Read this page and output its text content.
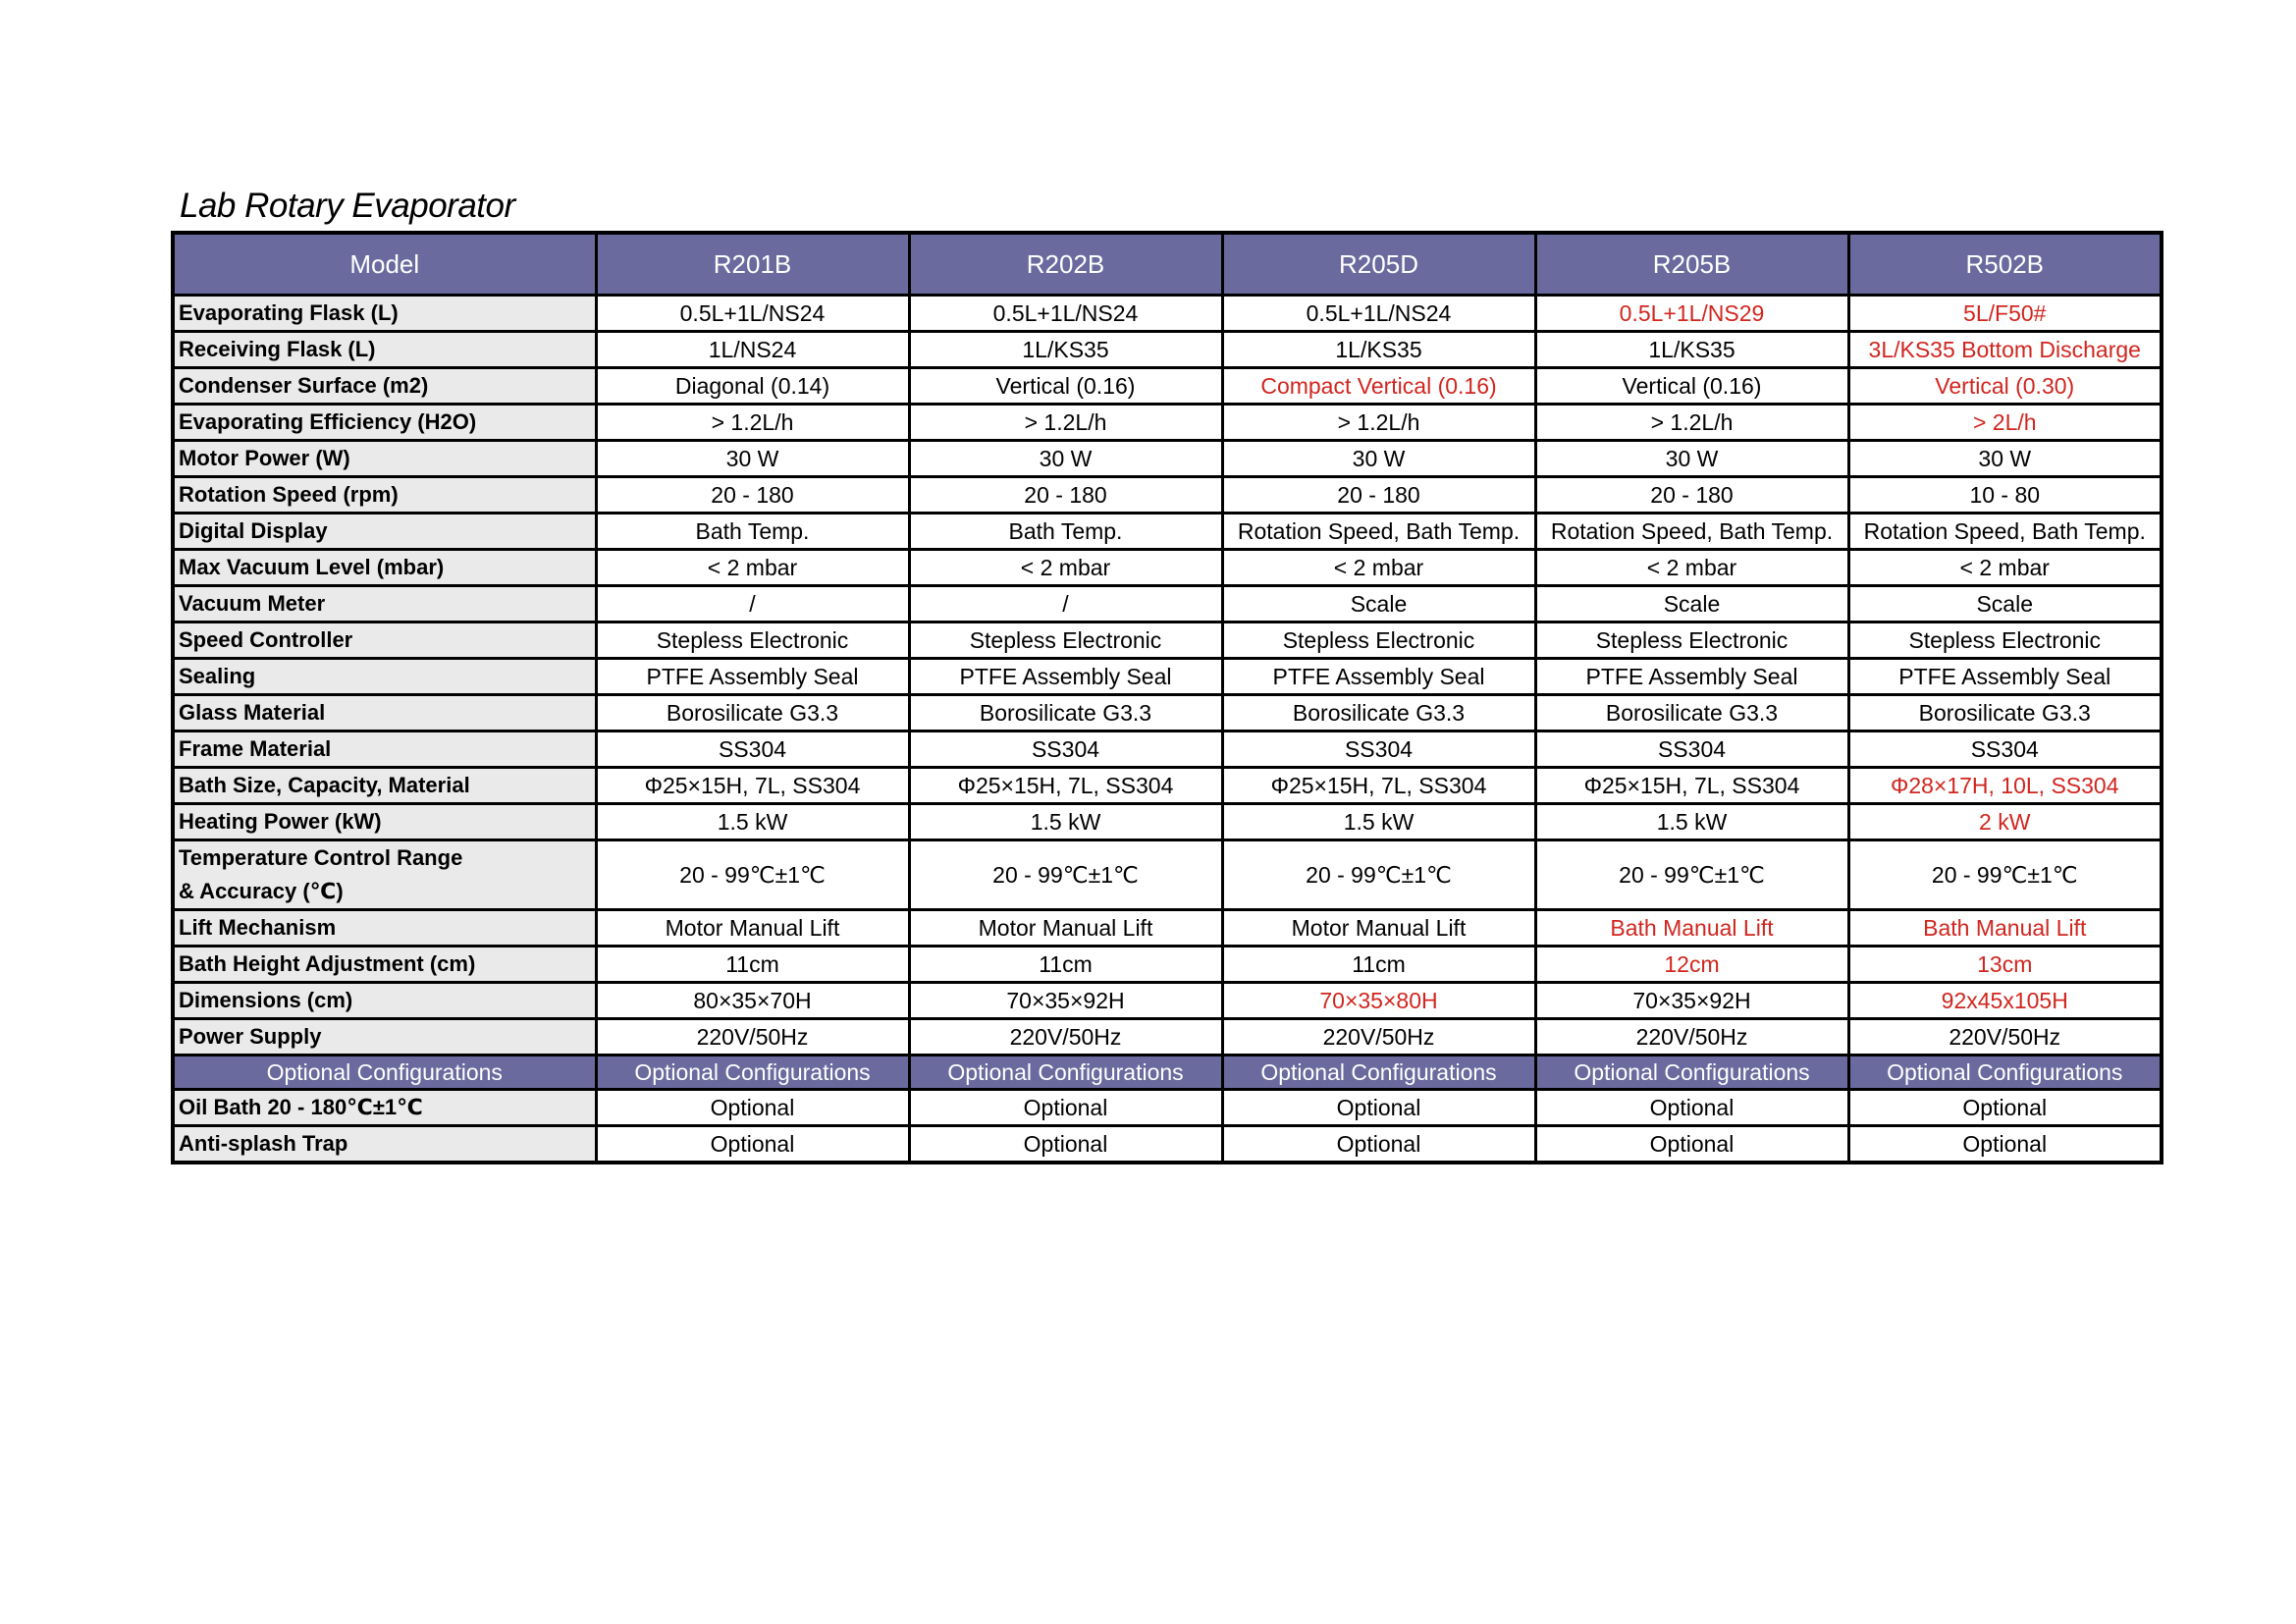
Lab Rotary Evaporator
Model	R201B	R202B	R205D	R205B	R502B
Evaporating Flask (L)	0.5L+1L/NS24	0.5L+1L/NS24	0.5L+1L/NS24	0.5L+1L/NS29	5L/F50#
Receiving Flask (L)	1L/NS24	1L/KS35	1L/KS35	1L/KS35	3L/KS35 Bottom Discharge
Condenser Surface (m2)	Diagonal (0.14)	Vertical (0.16)	Compact Vertical (0.16)	Vertical (0.16)	Vertical (0.30)
Evaporating Efficiency (H2O)	> 1.2L/h	> 1.2L/h	> 1.2L/h	> 1.2L/h	> 2L/h
Motor Power (W)	30 W	30 W	30 W	30 W	30 W
Rotation Speed (rpm)	20 - 180	20 - 180	20 - 180	20 - 180	10 - 80
Digital Display	Bath Temp.	Bath Temp.	Rotation Speed, Bath Temp.	Rotation Speed, Bath Temp.	Rotation Speed, Bath Temp.
Max Vacuum Level (mbar)	< 2 mbar	< 2 mbar	< 2 mbar	< 2 mbar	< 2 mbar
Vacuum Meter	/	/	Scale	Scale	Scale
Speed Controller	Stepless Electronic	Stepless Electronic	Stepless Electronic	Stepless Electronic	Stepless Electronic
Sealing	PTFE Assembly Seal	PTFE Assembly Seal	PTFE Assembly Seal	PTFE Assembly Seal	PTFE Assembly Seal
Glass Material	Borosilicate G3.3	Borosilicate G3.3	Borosilicate G3.3	Borosilicate G3.3	Borosilicate G3.3
Frame Material	SS304	SS304	SS304	SS304	SS304
Bath Size, Capacity, Material	Φ25×15H, 7L, SS304	Φ25×15H, 7L, SS304	Φ25×15H, 7L, SS304	Φ25×15H, 7L, SS304	Φ28×17H, 10L, SS304
Heating Power (kW)	1.5 kW	1.5 kW	1.5 kW	1.5 kW	2 kW
Temperature Control Range
& Accuracy (℃)	20 - 99℃±1℃	20 - 99℃±1℃	20 - 99℃±1℃	20 - 99℃±1℃	20 - 99℃±1℃
Lift Mechanism	Motor Manual Lift	Motor Manual Lift	Motor Manual Lift	Bath Manual Lift	Bath Manual Lift
Bath Height Adjustment (cm)	11cm	11cm	11cm	12cm	13cm
Dimensions (cm)	80×35×70H	70×35×92H	70×35×80H	70×35×92H	92x45x105H
Power Supply	220V/50Hz	220V/50Hz	220V/50Hz	220V/50Hz	220V/50Hz
Optional Configurations	Optional Configurations	Optional Configurations	Optional Configurations	Optional Configurations	Optional Configurations
Oil Bath 20 - 180℃±1℃	Optional	Optional	Optional	Optional	Optional
Anti-splash Trap	Optional	Optional	Optional	Optional	Optional
